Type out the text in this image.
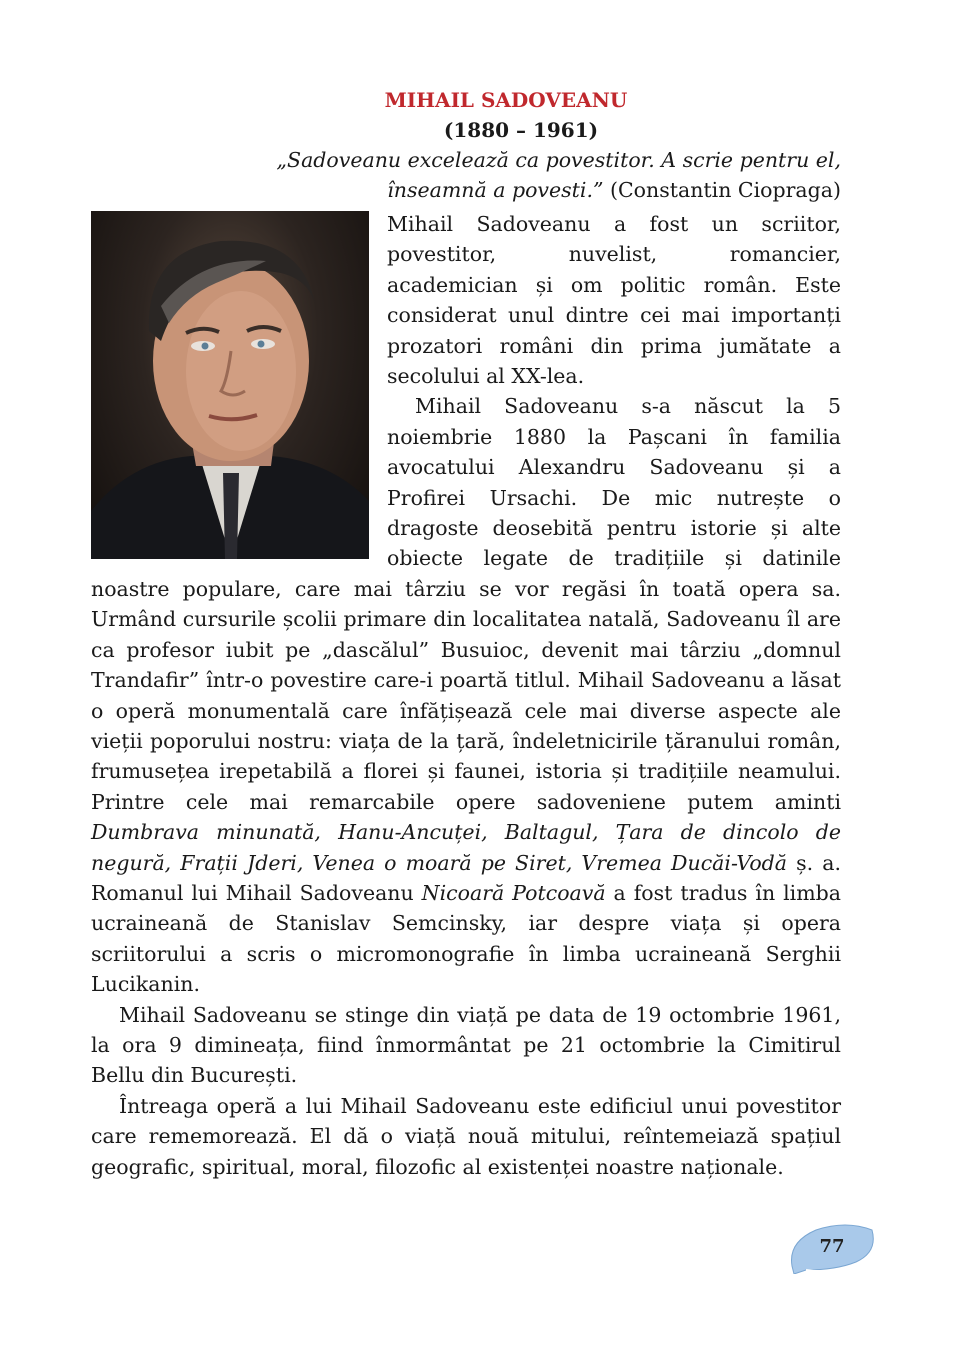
MIHAIL SADOVEANU

(1880 – 1961)

„Sadoveanu excelează ca povestitor. A scrie pentru el, înseamnă a povesti.” (Constantin Ciopraga)

Mihail Sadoveanu a fost un scriitor, povestitor, nuvelist, romancier, academician și om politic român. Este considerat unul dintre cei mai importanți prozatori români din prima jumătate a secolului al XX-lea.

Mihail Sadoveanu s-a născut la 5 noiembrie 1880 la Pașcani în familia avocatului Alexandru Sadoveanu și a Profirei Ursachi. De mic nutrește o dragoste deosebită pentru istorie și alte obiecte legate de tradițiile și datinile noastre populare, care mai târziu se vor regăsi în toată opera sa. Urmând cursurile școlii primare din localitatea natală, Sadoveanu îl are ca profesor iubit pe „dascălul” Busuioc, devenit mai târziu „domnul Trandafir” într-o povestire care-i poartă titlul. Mihail Sadoveanu a lăsat o operă monumentală care înfățișează cele mai diverse aspecte ale vieții poporului nostru: viața de la țară, îndeletnicirile țăranului român, frumusețea irepetabilă a florei și faunei, istoria și tradițiile neamului. Printre cele mai remarcabile opere sadoveniene putem aminti Dumbrava minunată, Hanu-Ancuței, Baltagul, Țara de dincolo de negură, Frații Jderi, Venea o moară pe Siret, Vremea Ducăi-Vodă ș. a. Romanul lui Mihail Sadoveanu Nicoară Potcoavă a fost tradus în limba ucraineană de Stanislav Semcinsky, iar despre viața și opera scriitorului a scris o micromonografie în limba ucraineană Serghii Lucikanin.

Mihail Sadoveanu se stinge din viață pe data de 19 octombrie 1961, la ora 9 dimineața, fiind înmormântat pe 21 octombrie la Cimitirul Bellu din București.

Întreaga operă a lui Mihail Sadoveanu este edificiul unui povestitor care rememorează. El dă o viață nouă mitului, reîntemeiază spațiul geografic, spiritual, moral, filozofic al existenței noastre naționale.

77
